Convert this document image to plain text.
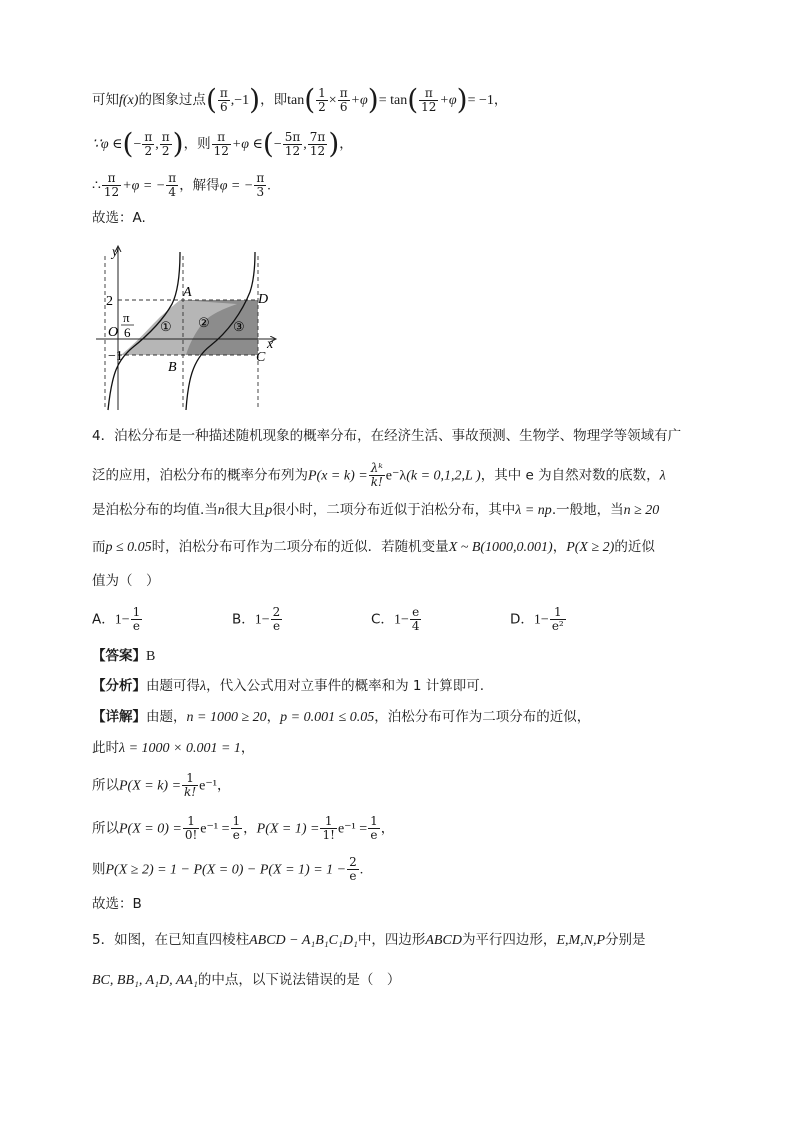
可知f(x)的图象过点( $\frac{\pi}{6} ,-1$)，即$\tan( \frac{1}{2} \times \frac{\pi}{6} +\varphi)= \tan( \frac{\pi}{12} +\varphi)= -1$，
∵φ ∈(− $\frac{\pi}{2}$ , $\frac{\pi}{2}$ )，则 $\frac{\pi}{12} +\varphi$ ∈(− $\frac{5\pi}{12}$ , $\frac{7\pi}{12}$ )，
∴ $\frac{\pi}{12} +\varphi$ = − $\frac{\pi}{4}$ ，解得φ = − $\frac{\pi}{3}$ .
故选：A.
y
x
O
2
−1
π
6
A
B
C
D
① ② ③
4．泊松分布是一种描述随机现象的概率分布，在经济生活、事故预测、生物学、物理学等领域有广
泛的应用，泊松分布的概率分布列为$P(x = k) = \frac{\text{λᵏ}}{k!} e^-\lambda(k = 0,1,2,L$ )，其中 e 为自然对数的底数，λ
是泊松分布的均值.当n很大且p很小时，二项分布近似于泊松分布，其中λ = np.一般地，当n ≥ 20
而p ≤ 0.05时，泊松分布可作为二项分布的近似．若随机变量X ~ B(1000,0.001)，P(X ≥ 2)的近似
值为（　）
A．$1- \frac{1}{e}$	B．$1- \frac{2}{e}$	C．$1- \frac{e}{4}$	D．$1- \frac{1}{\text{e²}}$
【答案】B
【分析】由题可得λ，代入公式用对立事件的概率和为 1 计算即可.
【详解】由题，n = 1000 ≥ 20，p = 0.001 ≤ 0.05，泊松分布可作为二项分布的近似，
此时λ = 1000 × 0.001 = 1，
所以$P(X = k) = \frac{1}{k!} e^{-1}$，
所以$P(X = 0) = \frac{1}{0!} e^{-1} = \frac{1}{e}$ ，$P(X = 1) = \frac{1}{1!} e^{-1} = \frac{1}{e}$ ，
则$P(X \ge 2) = 1 - P(X = 0) - P(X = 1) = 1 - \frac{2}{e}$ .
故选：B
5．如图，在已知直四棱柱ABCD − A₁B₁C₁D₁中，四边形ABCD为平行四边形，E,M,N,P分别是
BC, BB₁, A₁D, AA₁的中点，以下说法错误的是（　）
